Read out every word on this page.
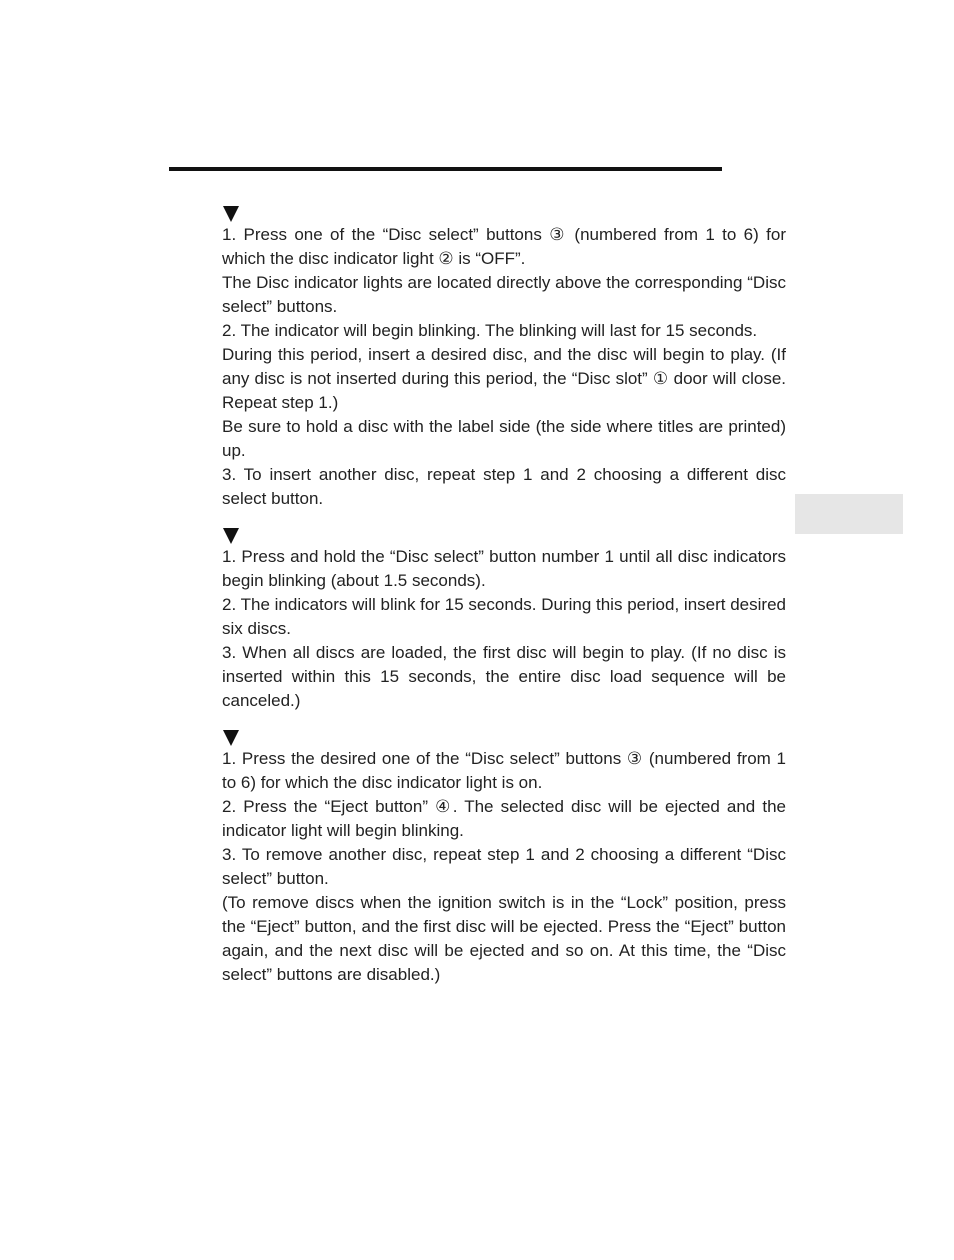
1. Press one of the “Disc select” buttons ③ (numbered from 1 to 6) for which the disc indicator light ② is “OFF”.

The Disc indicator lights are located directly above the corresponding “Disc select” buttons.

2. The indicator will begin blinking. The blinking will last for 15 seconds.

During this period, insert a desired disc, and the disc will begin to play. (If any disc is not inserted during this period, the “Disc slot” ① door will close. Repeat step 1.)

Be sure to hold a disc with the label side (the side where titles are printed) up.

3. To insert another disc, repeat step 1 and 2 choosing a different disc select button.

1. Press and hold the “Disc select” button number 1 until all disc indicators begin blinking (about 1.5 seconds).

2. The indicators will blink for 15 seconds. During this period, insert desired six discs.

3. When all discs are loaded, the first disc will begin to play. (If no disc is inserted within this 15 seconds, the entire disc load sequence will be canceled.)

1. Press the desired one of the “Disc select” buttons ③ (numbered from 1 to 6) for which the disc indicator light is on.

2. Press the “Eject button” ④. The selected disc will be ejected and the indicator light will begin blinking.

3. To remove another disc, repeat step 1 and 2 choosing a different “Disc select” button.

(To remove discs when the ignition switch is in the “Lock” position, press the “Eject” button, and the first disc will be ejected. Press the “Eject” button again, and the next disc will be ejected and so on. At this time, the “Disc select” buttons are disabled.)
